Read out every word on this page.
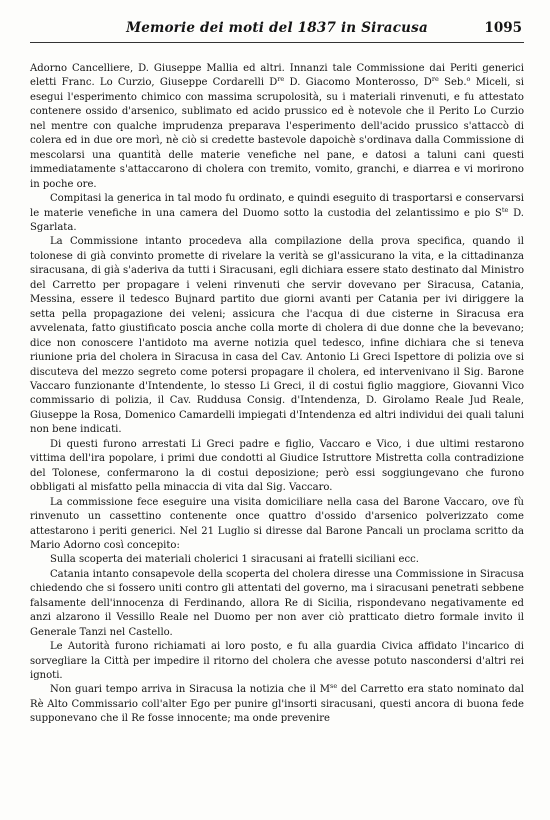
Memorie dei moti del 1837 in Siracusa	1095

Adorno Cancelliere, D. Giuseppe Mallia ed altri. Innanzi tale Commissione dai Periti generici eletti Franc. Lo Curzio, Giuseppe Cordarelli Dre D. Giacomo Monterosso, Dre Seb.$^o$ Miceli, si esegui l'esperimento chimico con massima scrupolosità, su i materiali rinvenuti, e fu attestato contenere ossido d'arsenico, sublimato ed acido prussico ed è notevole che il Perito Lo Curzio nel mentre con qualche imprudenza preparava l'esperimento dell'acido prussico s'attaccò di colera ed in due ore morì, nè ciò si credette bastevole dapoichè s'ordinava dalla Commissione di mescolarsi una quantità delle materie venefiche nel pane, e datosi a taluni cani questi immediatamente s'attaccarono di cholera con tremito, vomito, granchi, e diarrea e vi morirono in poche ore.

Compitasi la generica in tal modo fu ordinato, e quindi eseguito di trasportarsi e conservarsi le materie venefiche in una camera del Duomo sotto la custodia del zelantissimo e pio $S^{te}$ D. Sgarlata.

La Commissione intanto procedeva alla compilazione della prova specifica, quando il tolonese di già convinto promette di rivelare la verità se gl'assicurano la vita, e la cittadinanza siracusana, di già s'aderiva da tutti i Siracusani, egli dichiara essere stato destinato dal Ministro del Carretto per propagare i veleni rinvenuti che servir dovevano per Siracusa, Catania, Messina, essere il tedesco Bujnard partito due giorni avanti per Catania per ivi diriggere la setta pella propagazione dei veleni; assicura che l'acqua di due cisterne in Siracusa era avvelenata, fatto giustificato poscia anche colla morte di cholera di due donne che la bevevano; dice non conoscere l'antidoto ma averne notizia quel tedesco, infine dichiara che si teneva riunione pria del cholera in Siracusa in casa del Cav. Antonio Li Greci Ispettore di polizia ove si discuteva del mezzo segreto come potersi propagare il cholera, ed intervenivano il Sig. Barone Vaccaro funzionante d'Intendente, lo stesso Li Greci, il di costui figlio maggiore, Giovanni Vico commissario di polizia, il Cav. Ruddusa Consig. d'Intendenza, D. Girolamo Reale Jud Reale, Giuseppe la Rosa, Domenico Camardelli impiegati d'Intendenza ed altri individui dei quali taluni non bene indicati.

Di questi furono arrestati Li Greci padre e figlio, Vaccaro e Vico, i due ultimi restarono vittima dell'ira popolare, i primi due condotti al Giudice Istruttore Mistretta colla contradizione del Tolonese, confermarono la di costui deposizione; però essi soggiungevano che furono obbligati al misfatto pella minaccia di vita dal Sig. Vaccaro.

La commissione fece eseguire una visita domiciliare nella casa del Barone Vaccaro, ove fù rinvenuto un cassettino contenente once quattro d'ossido d'arsenico polverizzato come attestarono i periti generici. Nel 21 Luglio si diresse dal Barone Pancali un proclama scritto da Mario Adorno così concepito:

Sulla scoperta dei materiali cholerici 1 siracusani ai fratelli siciliani ecc.

Catania intanto consapevole della scoperta del cholera diresse una Commissione in Siracusa chiedendo che si fossero uniti contro gli attentati del governo, ma i siracusani penetrati sebbene falsamente dell'innocenza di Ferdinando, allora Re di Sicilia, rispondevano negativamente ed anzi alzarono il Vessillo Reale nel Duomo per non aver ciò pratticato dietro formale invito il Generale Tanzi nel Castello.

Le Autorità furono richiamati ai loro posto, e fu alla guardia Civica affidato l'incarico di sorvegliare la Città per impedire il ritorno del cholera che avesse potuto nascondersi d'altri rei ignoti.

Non guari tempo arriva in Siracusa la notizia che il $M^{se}$ del Carretto era stato nominato dal Rè Alto Commissario coll'alter Ego per punire gl'insorti siracusani, questi ancora di buona fede supponevano che il Re fosse innocente; ma onde prevenire
